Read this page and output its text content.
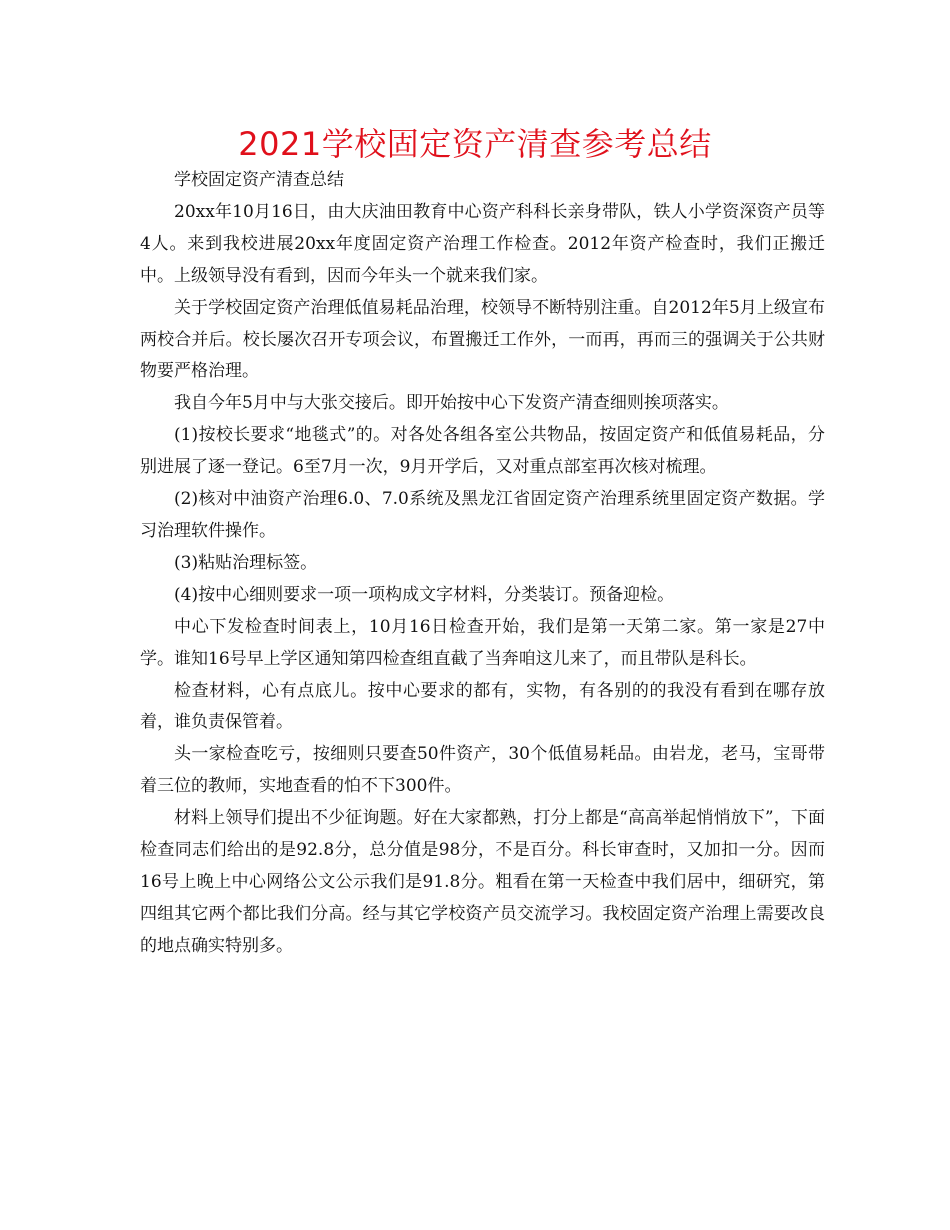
2021学校固定资产清查参考总结

学校固定资产清查总结

20xx年10月16日，由大庆油田教育中心资产科科长亲身带队，铁人小学资深资产员等4人。来到我校进展20xx年度固定资产治理工作检查。2012年资产检查时，我们正搬迁中。上级领导没有看到，因而今年头一个就来我们家。

关于学校固定资产治理低值易耗品治理，校领导不断特别注重。自2012年5月上级宣布两校合并后。校长屡次召开专项会议，布置搬迁工作外，一而再，再而三的强调关于公共财物要严格治理。

我自今年5月中与大张交接后。即开始按中心下发资产清查细则挨项落实。

(1)按校长要求“地毯式”的。对各处各组各室公共物品，按固定资产和低值易耗品，分别进展了逐一登记。6至7月一次，9月开学后，又对重点部室再次核对梳理。

(2)核对中油资产治理6.0、7.0系统及黑龙江省固定资产治理系统里固定资产数据。学习治理软件操作。

(3)粘贴治理标签。

(4)按中心细则要求一项一项构成文字材料，分类装订。预备迎检。

中心下发检查时间表上，10月16日检查开始，我们是第一天第二家。第一家是27中学。谁知16号早上学区通知第四检查组直截了当奔咱这儿来了，而且带队是科长。

检查材料，心有点底儿。按中心要求的都有，实物，有各别的的我没有看到在哪存放着，谁负责保管着。

头一家检查吃亏，按细则只要查50件资产，30个低值易耗品。由岩龙，老马，宝哥带着三位的教师，实地查看的怕不下300件。

材料上领导们提出不少征询题。好在大家都熟，打分上都是“高高举起悄悄放下”，下面检查同志们给出的是92.8分，总分值是98分，不是百分。科长审查时，又加扣一分。因而16号上晚上中心网络公文公示我们是91.8分。粗看在第一天检查中我们居中，细研究，第四组其它两个都比我们分高。经与其它学校资产员交流学习。我校固定资产治理上需要改良的地点确实特别多。
